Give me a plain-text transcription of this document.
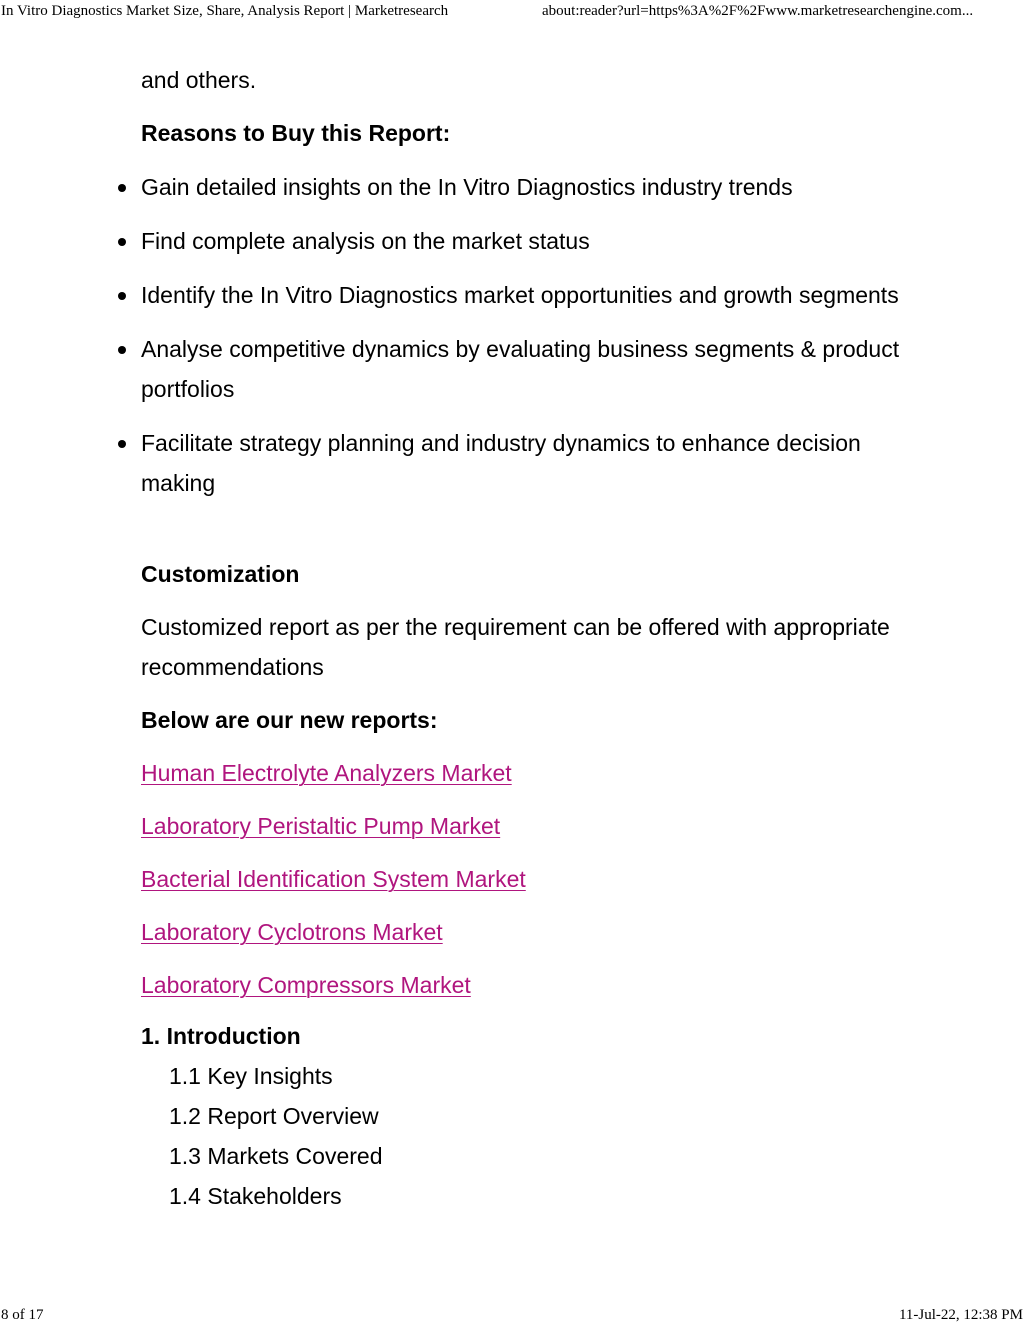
In Vitro Diagnostics Market Size, Share, Analysis Report | Marketresearch	about:reader?url=https%3A%2F%2Fwww.marketresearchengine.com...

and others.

Reasons to Buy this Report:

Gain detailed insights on the In Vitro Diagnostics industry trends
Find complete analysis on the market status
Identify the In Vitro Diagnostics market opportunities and growth segments
Analyse competitive dynamics by evaluating business segments & product portfolios
Facilitate strategy planning and industry dynamics to enhance decision making

Customization

Customized report as per the requirement can be offered with appropriate recommendations

Below are our new reports:

Human Electrolyte Analyzers Market

Laboratory Peristaltic Pump Market

Bacterial Identification System Market

Laboratory Cyclotrons Market

Laboratory Compressors Market

1. Introduction

1.1 Key Insights

1.2 Report Overview

1.3 Markets Covered

1.4 Stakeholders

8 of 17	11-Jul-22, 12:38 PM
